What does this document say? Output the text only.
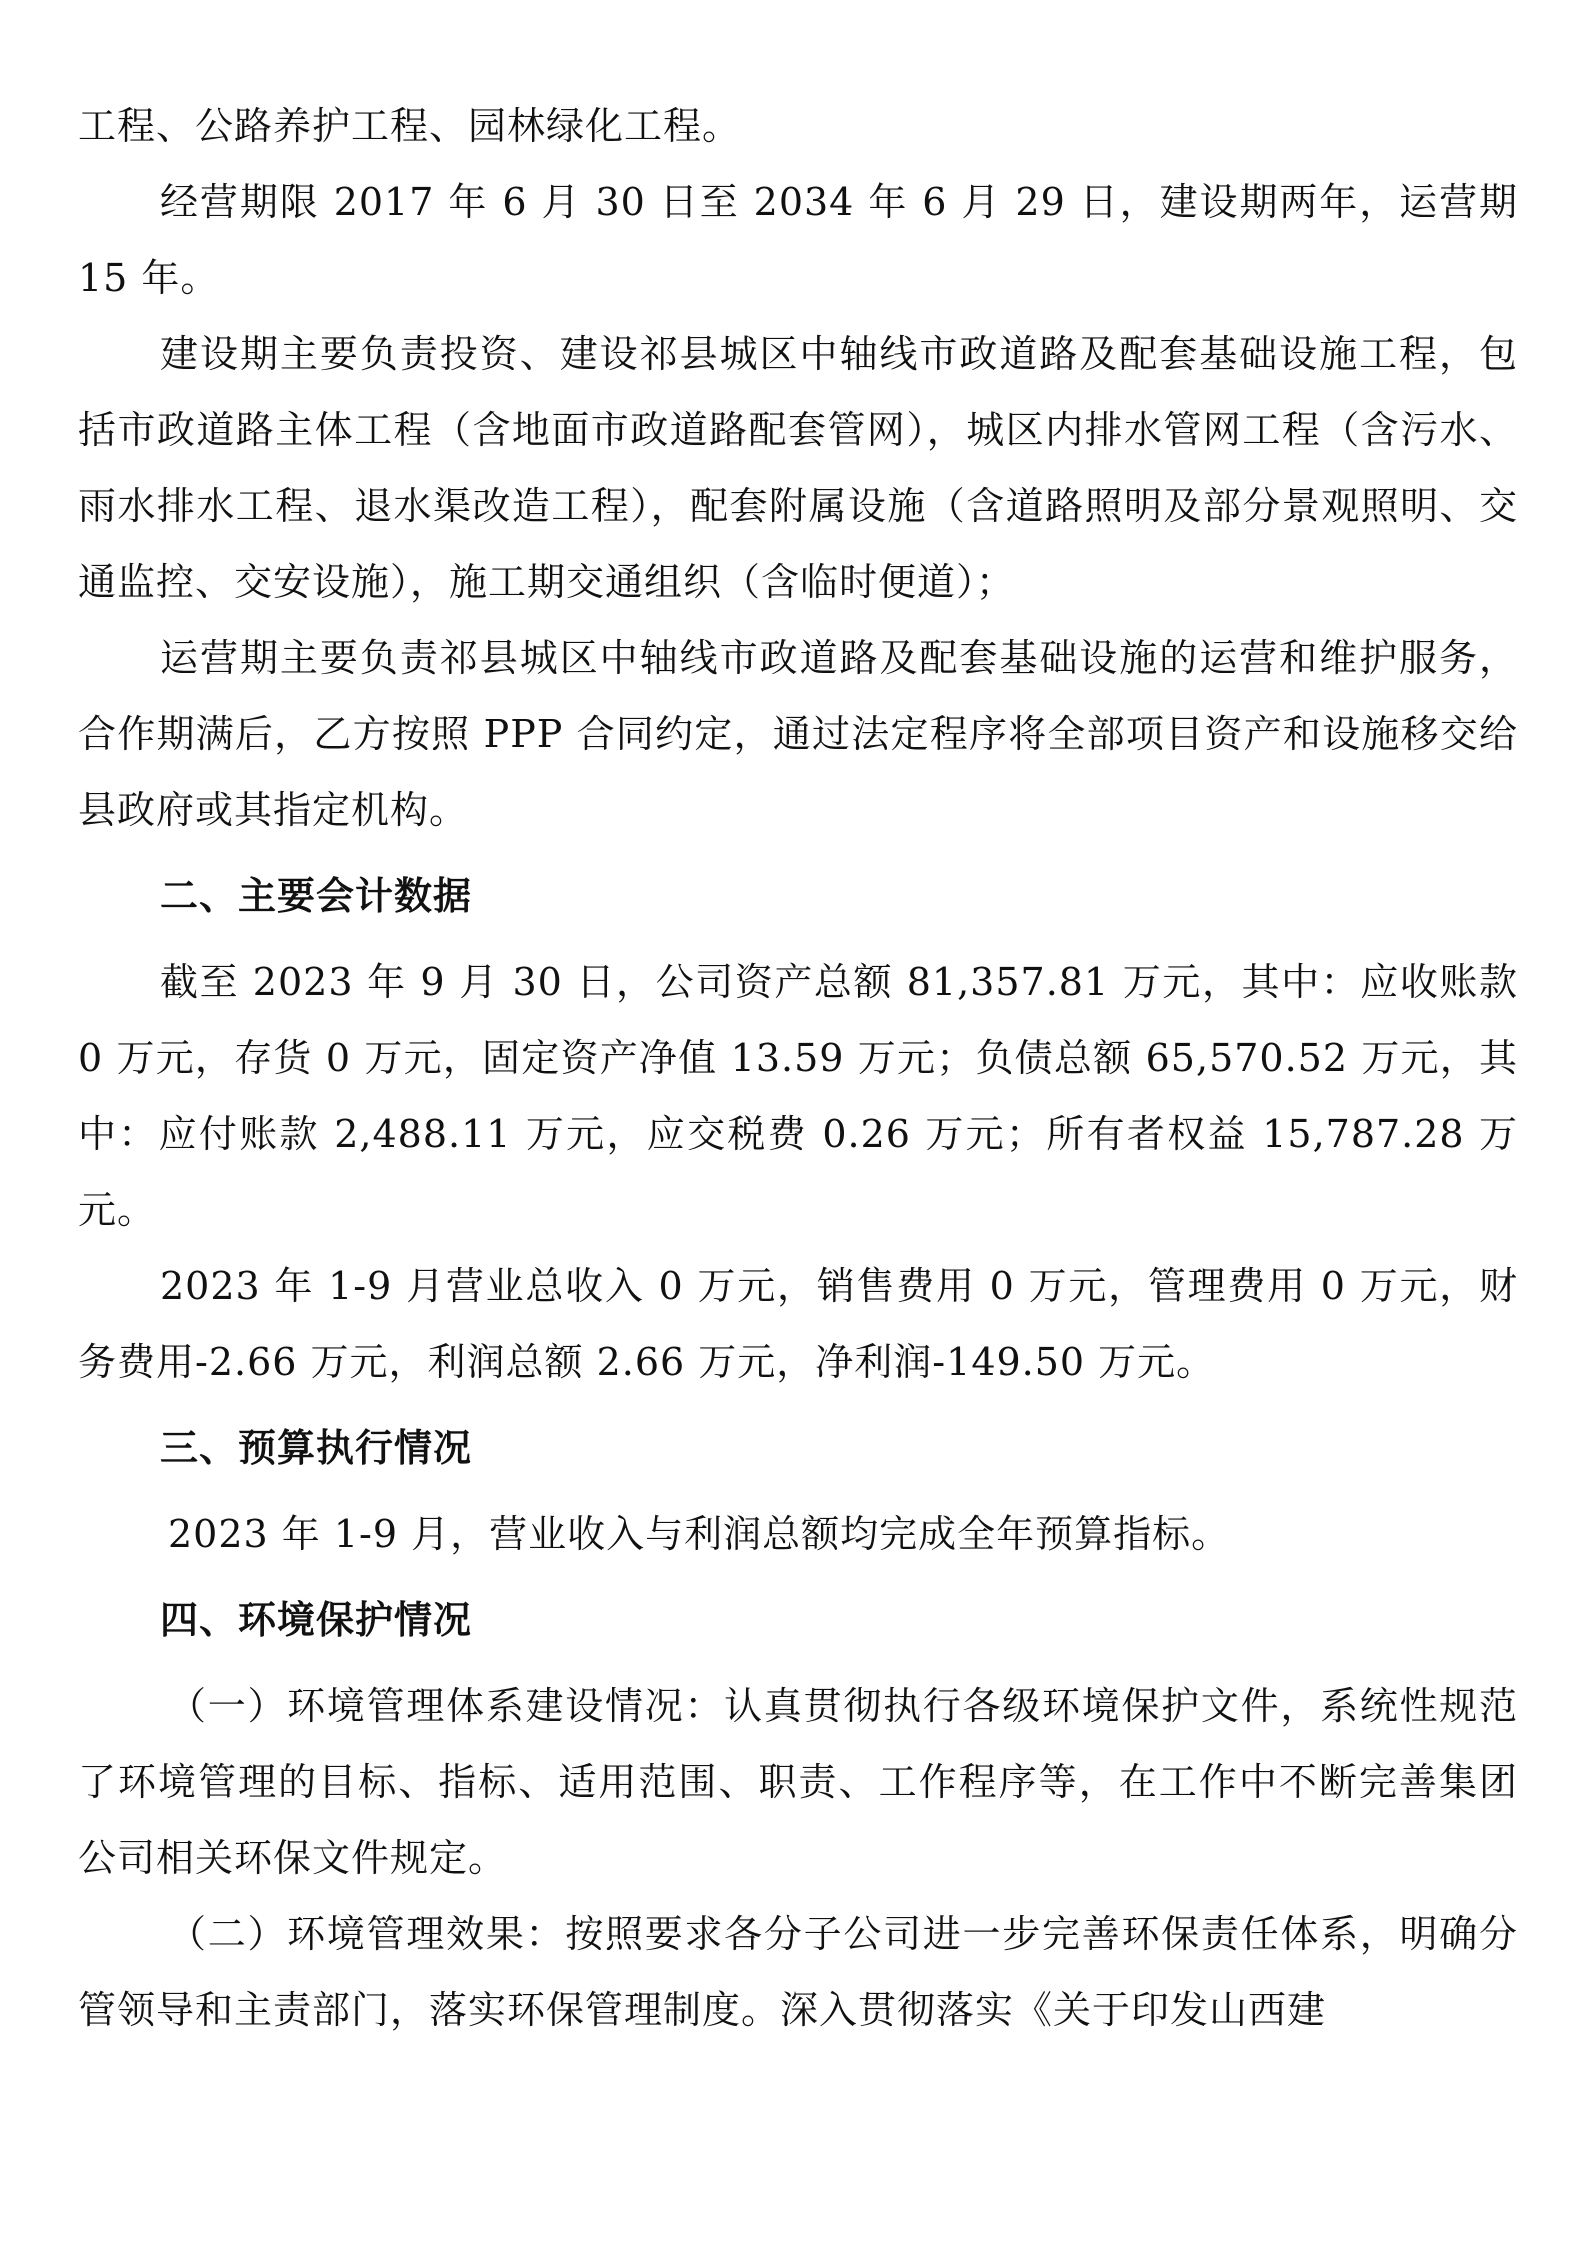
工程、公路养护工程、园林绿化工程。

经营期限 2017 年 6 月 30 日至 2034 年 6 月 29 日，建设期两年，运营期 15 年。

建设期主要负责投资、建设祁县城区中轴线市政道路及配套基础设施工程，包括市政道路主体工程（含地面市政道路配套管网），城区内排水管网工程（含污水、雨水排水工程、退水渠改造工程），配套附属设施（含道路照明及部分景观照明、交通监控、交安设施），施工期交通组织（含临时便道）；

运营期主要负责祁县城区中轴线市政道路及配套基础设施的运营和维护服务，合作期满后，乙方按照 PPP 合同约定，通过法定程序将全部项目资产和设施移交给县政府或其指定机构。

二、主要会计数据

截至 2023 年 9 月 30 日，公司资产总额 81,357.81 万元，其中：应收账款 0 万元，存货 0 万元，固定资产净值 13.59 万元；负债总额 65,570.52 万元，其中：应付账款 2,488.11 万元，应交税费 0.26 万元；所有者权益 15,787.28 万元。

2023 年 1-9 月营业总收入 0 万元，销售费用 0 万元，管理费用 0 万元，财务费用-2.66 万元，利润总额 2.66 万元，净利润-149.50 万元。

三、预算执行情况

2023 年 1-9 月，营业收入与利润总额均完成全年预算指标。

四、环境保护情况

（一）环境管理体系建设情况：认真贯彻执行各级环境保护文件，系统性规范了环境管理的目标、指标、适用范围、职责、工作程序等，在工作中不断完善集团公司相关环保文件规定。

（二）环境管理效果：按照要求各分子公司进一步完善环保责任体系，明确分管领导和主责部门，落实环保管理制度。深入贯彻落实《关于印发山西建
